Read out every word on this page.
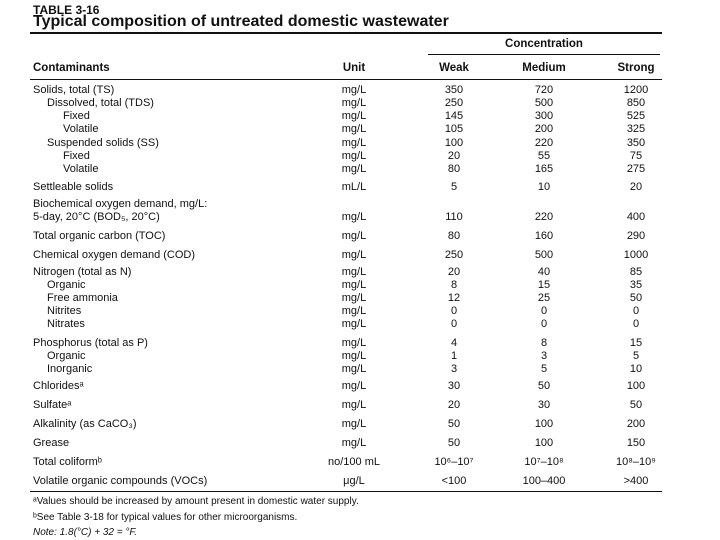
TABLE 3-16
Typical composition of untreated domestic wastewater
Concentration
Contaminants	Unit	Weak	Medium	Strong
Solids, total (TS)	mg/L	350	720	1200
Dissolved, total (TDS)	mg/L	250	500	850
Fixed	mg/L	145	300	525
Volatile	mg/L	105	200	325
Suspended solids (SS)	mg/L	100	220	350
Fixed	mg/L	20	55	75
Volatile	mg/L	80	165	275
Settleable solids	mL/L	5	10	20
Biochemical oxygen demand, mg/L:
5-day, 20°C (BOD₅, 20°C)	mg/L	110	220	400
Total organic carbon (TOC)	mg/L	80	160	290
Chemical oxygen demand (COD)	mg/L	250	500	1000
Nitrogen (total as N)	mg/L	20	40	85
Organic	mg/L	8	15	35
Free ammonia	mg/L	12	25	50
Nitrites	mg/L	0	0	0
Nitrates	mg/L	0	0	0
Phosphorus (total as P)	mg/L	4	8	15
Organic	mg/L	1	3	5
Inorganic	mg/L	3	5	10
Chloridesᵃ	mg/L	30	50	100
Sulfateᵃ	mg/L	20	30	50
Alkalinity (as CaCO₃)	mg/L	50	100	200
Grease	mg/L	50	100	150
Total coliformᵇ	no/100 mL	10⁶–10⁷	10⁷–10⁸	10⁸–10⁹
Volatile organic compounds (VOCs)	μg/L	<100	100–400	>400
ᵃValues should be increased by amount present in domestic water supply.
ᵇSee Table 3-18 for typical values for other microorganisms.
Note: 1.8(°C) + 32 = °F.
